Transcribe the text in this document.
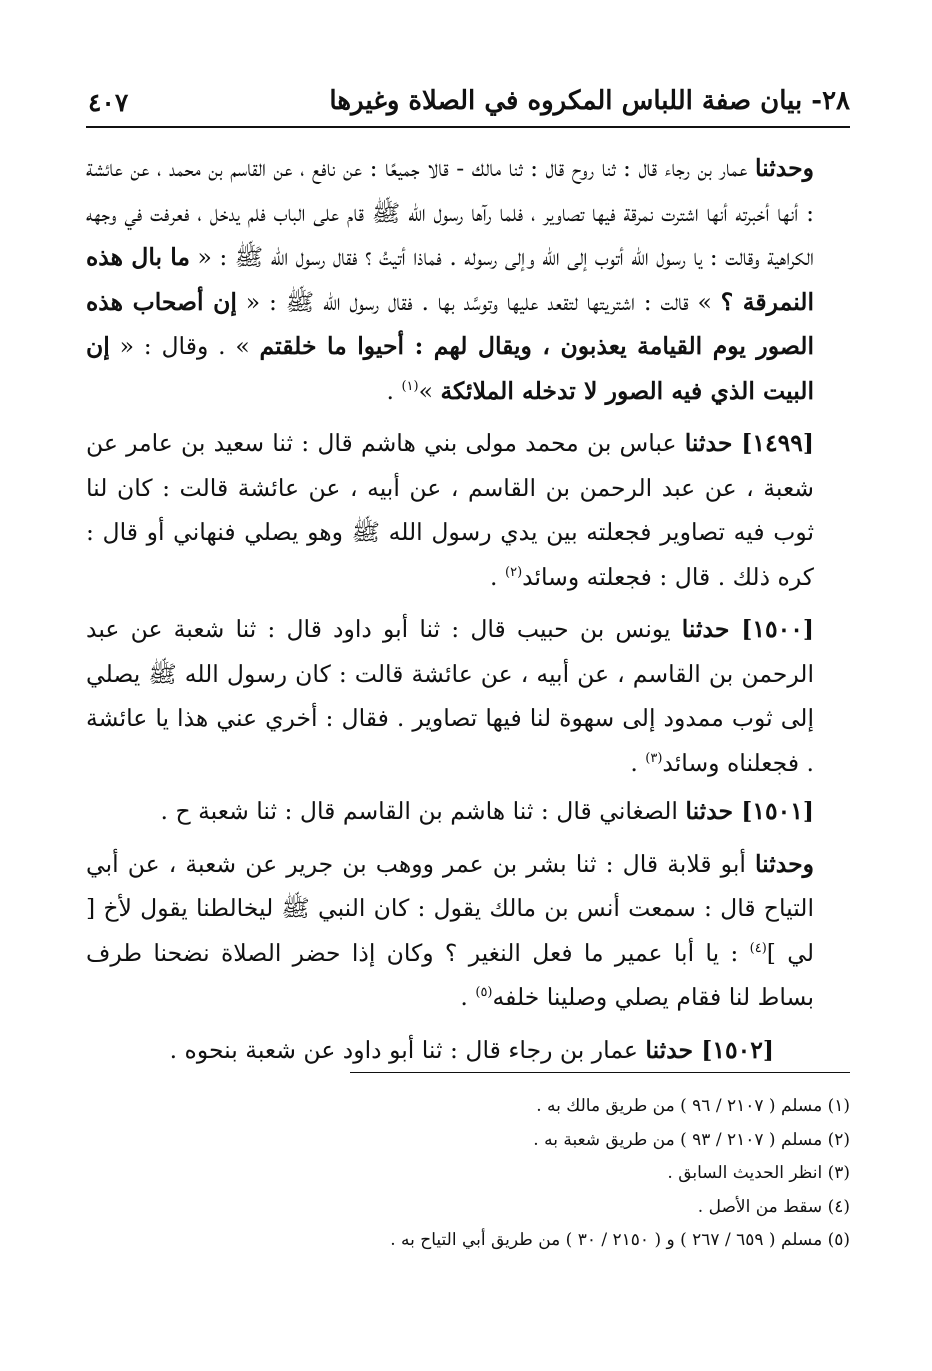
٢٨- بيان صفة اللباس المكروه في الصلاة وغيرها
٤٠٧

وحدثنا عمار بن رجاء قال : ثنا روح قال : ثنا مالك - قالا جميعًا : عن نافع ، عن القاسم بن محمد ، عن عائشة : أنها أخبرته أنها اشترت نمرقة فيها تصاوير ، فلما رآها رسول الله ﷺ قام على الباب فلم يدخل ، فعرفت في وجهه الكراهية وقالت : يا رسول الله أتوب إلى الله وإلى رسوله . فماذا أتيتُ ؟ فقال رسول الله ﷺ : « ما بال هذه النمرقة ؟ » قالت : اشتريتها لتقعد عليها وتوسَّد بها . فقال رسول الله ﷺ : « إن أصحاب هذه الصور يوم القيامة يعذبون ، ويقال لهم : أحيوا ما خلقتم » . وقال : « إن البيت الذي فيه الصور لا تدخله الملائكة »$^{(١)}$ .

[١٤٩٩] حدثنا عباس بن محمد مولى بني هاشم قال : ثنا سعيد بن عامر عن شعبة ، عن عبد الرحمن بن القاسم ، عن أبيه ، عن عائشة قالت : كان لنا ثوب فيه تصاوير فجعلته بين يدي رسول الله ﷺ وهو يصلي فنهاني أو قال : كره ذلك . قال : فجعلته وسائد$^{(٢)}$ .

[١٥٠٠] حدثنا يونس بن حبيب قال : ثنا أبو داود قال : ثنا شعبة عن عبد الرحمن بن القاسم ، عن أبيه ، عن عائشة قالت : كان رسول الله ﷺ يصلي إلى ثوب ممدود إلى سهوة لنا فيها تصاوير . فقال : أخري عني هذا يا عائشة . فجعلناه وسائد$^{(٣)}$ .

[١٥٠١] حدثنا الصغاني قال : ثنا هاشم بن القاسم قال : ثنا شعبة ح .

وحدثنا أبو قلابة قال : ثنا بشر بن عمر ووهب بن جرير عن شعبة ، عن أبي التياح قال : سمعت أنس بن مالك يقول : كان النبي ﷺ ليخالطنا يقول لأخ [ لي ]$^{(٤)}$ : يا أبا عمير ما فعل النغير ؟ وكان إذا حضر الصلاة نضحنا طرف بساط لنا فقام يصلي وصلينا خلفه$^{(٥)}$ .

[١٥٠٢] حدثنا عمار بن رجاء قال : ثنا أبو داود عن شعبة بنحوه .

(١) مسلم ( ٢١٠٧ / ٩٦ ) من طريق مالك به .

(٢) مسلم ( ٢١٠٧ / ٩٣ ) من طريق شعبة به .

(٣) انظر الحديث السابق .

(٤) سقط من الأصل .

(٥) مسلم ( ٦٥٩ / ٢٦٧ ) و ( ٢١٥٠ / ٣٠ ) من طريق أبي التياح به .
